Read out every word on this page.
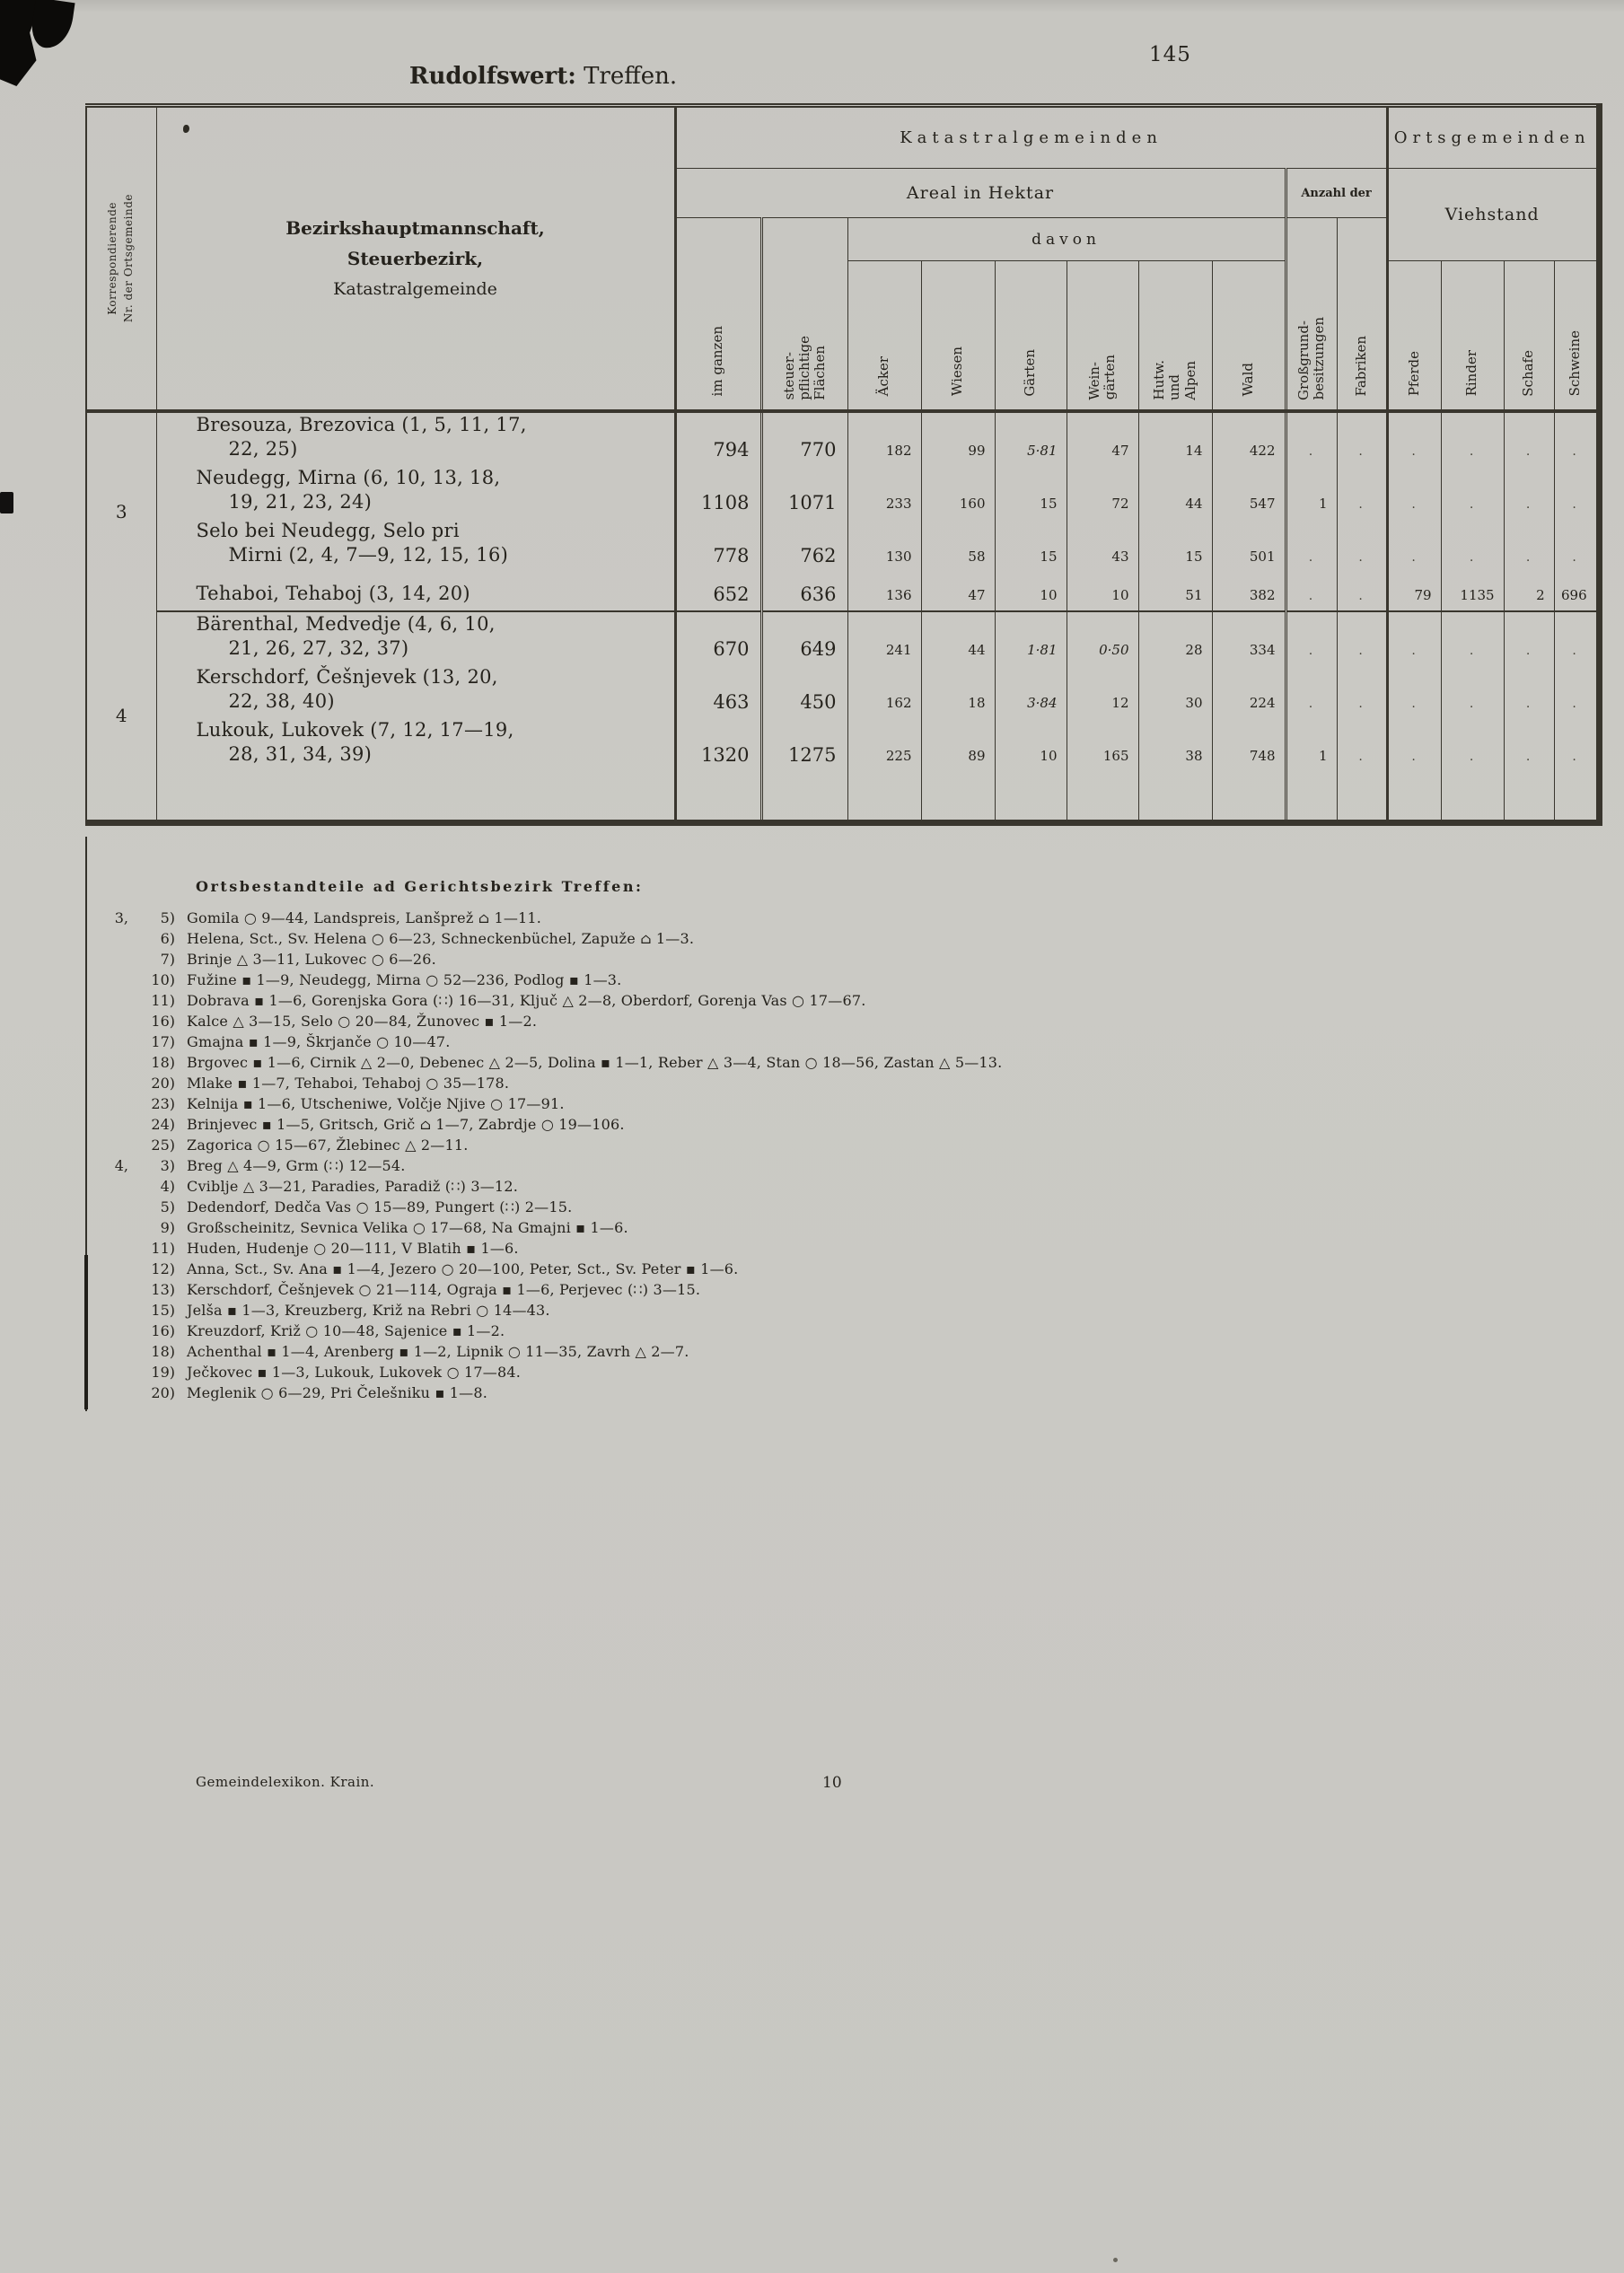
145
Rudolfswert: Treffen.
Korrespondierende Nr. der Ortsgemeinde	Bezirkshauptmannschaft,
Steuerbezirk,
Katastralgemeinde
	Katastralgemeinden	Ortsgemeinden
		Areal in Hektar								Anzahl der		Viehstand			
		im ganzen	steuer- pflichtige Flächen	davon						Großgrund- besitzungen	Fabriken				
				Äcker	Wiesen	Gärten	Wein- gärten	Hutw. und Alpen	Wald			Pferde	Rinder	Schafe	Schweine
3	Bresouza, Brezovica (1, 5, 11, 17,
22, 25)	794	770	182	99	5·81	47	14	422	.	.	.	.	.	.

	Neudegg, Mirna (6, 10, 13, 18,
19, 21, 23, 24)	1108	1071	233	160	15	72	44	547	1	.	.	.	.	.

	Selo bei Neudegg, Selo pri
Mirni (2, 4, 7—9, 12, 15, 16)	778	762	130	58	15	43	15	501	.	.	.	.	.	.

	Tehaboi, Tehaboj (3, 14, 20)	652	636	136	47	10	10	51	382	.	.	79	1135	2	696
4	Bärenthal, Medvedje (4, 6, 10,
21, 26, 27, 32, 37)	670	649	241	44	1·81	0·50	28	334	.	.	.	.	.	.

	Kerschdorf, Češnjevek (13, 20,
22, 38, 40)	463	450	162	18	3·84	12	30	224	.	.	.	.	.	.

	Lukouk, Lukovek (7, 12, 17—19,
28, 31, 34, 39)	1320	1275	225	89	10	165	38	748	1	.	.	.	.	.

Ortsbestandteile ad Gerichtsbezirk Treffen:
3,	5) Gomila ○ 9—44, Landspreis, Lanšprež ⌂ 1—11.
6) Helena, Sct., Sv. Helena ○ 6—23, Schneckenbüchel, Zapuže ⌂ 1—3.
7) Brinje △ 3—11, Lukovec ○ 6—26.
10) Fužine ▪ 1—9, Neudegg, Mirna ○ 52—236, Podlog ▪ 1—3.
11) Dobrava ▪ 1—6, Gorenjska Gora (∷) 16—31, Ključ △ 2—8, Oberdorf, Gorenja Vas ○ 17—67.
16) Kalce △ 3—15, Selo ○ 20—84, Žunovec ▪ 1—2.
17) Gmajna ▪ 1—9, Škrjanče ○ 10—47.
18) Brgovec ▪ 1—6, Cirnik △ 2—0, Debenec △ 2—5, Dolina ▪ 1—1, Reber △ 3—4, Stan ○ 18—56, Zastan △ 5—13.
20) Mlake ▪ 1—7, Tehaboi, Tehaboj ○ 35—178.
23) Kelnija ▪ 1—6, Utscheniwe, Volčje Njive ○ 17—91.
24) Brinjevec ▪ 1—5, Gritsch, Grič ⌂ 1—7, Zabrdje ○ 19—106.
25) Zagorica ○ 15—67, Žlebinec △ 2—11.
4,	3) Breg △ 4—9, Grm (∷) 12—54.
4) Cviblje △ 3—21, Paradies, Paradiž (∷) 3—12.
5) Dedendorf, Dedča Vas ○ 15—89, Pungert (∷) 2—15.
9) Großscheinitz, Sevnica Velika ○ 17—68, Na Gmajni ▪ 1—6.
11) Huden, Hudenje ○ 20—111, V Blatih ▪ 1—6.
12) Anna, Sct., Sv. Ana ▪ 1—4, Jezero ○ 20—100, Peter, Sct., Sv. Peter ▪ 1—6.
13) Kerschdorf, Češnjevek ○ 21—114, Ograja ▪ 1—6, Perjevec (∷) 3—15.
15) Jelša ▪ 1—3, Kreuzberg, Križ na Rebri ○ 14—43.
16) Kreuzdorf, Križ ○ 10—48, Sajenice ▪ 1—2.
18) Achenthal ▪ 1—4, Arenberg ▪ 1—2, Lipnik ○ 11—35, Zavrh △ 2—7.
19) Ječkovec ▪ 1—3, Lukouk, Lukovek ○ 17—84.
20) Meglenik ○ 6—29, Pri Čelešniku ▪ 1—8.
Gemeindelexikon. Krain.	10
